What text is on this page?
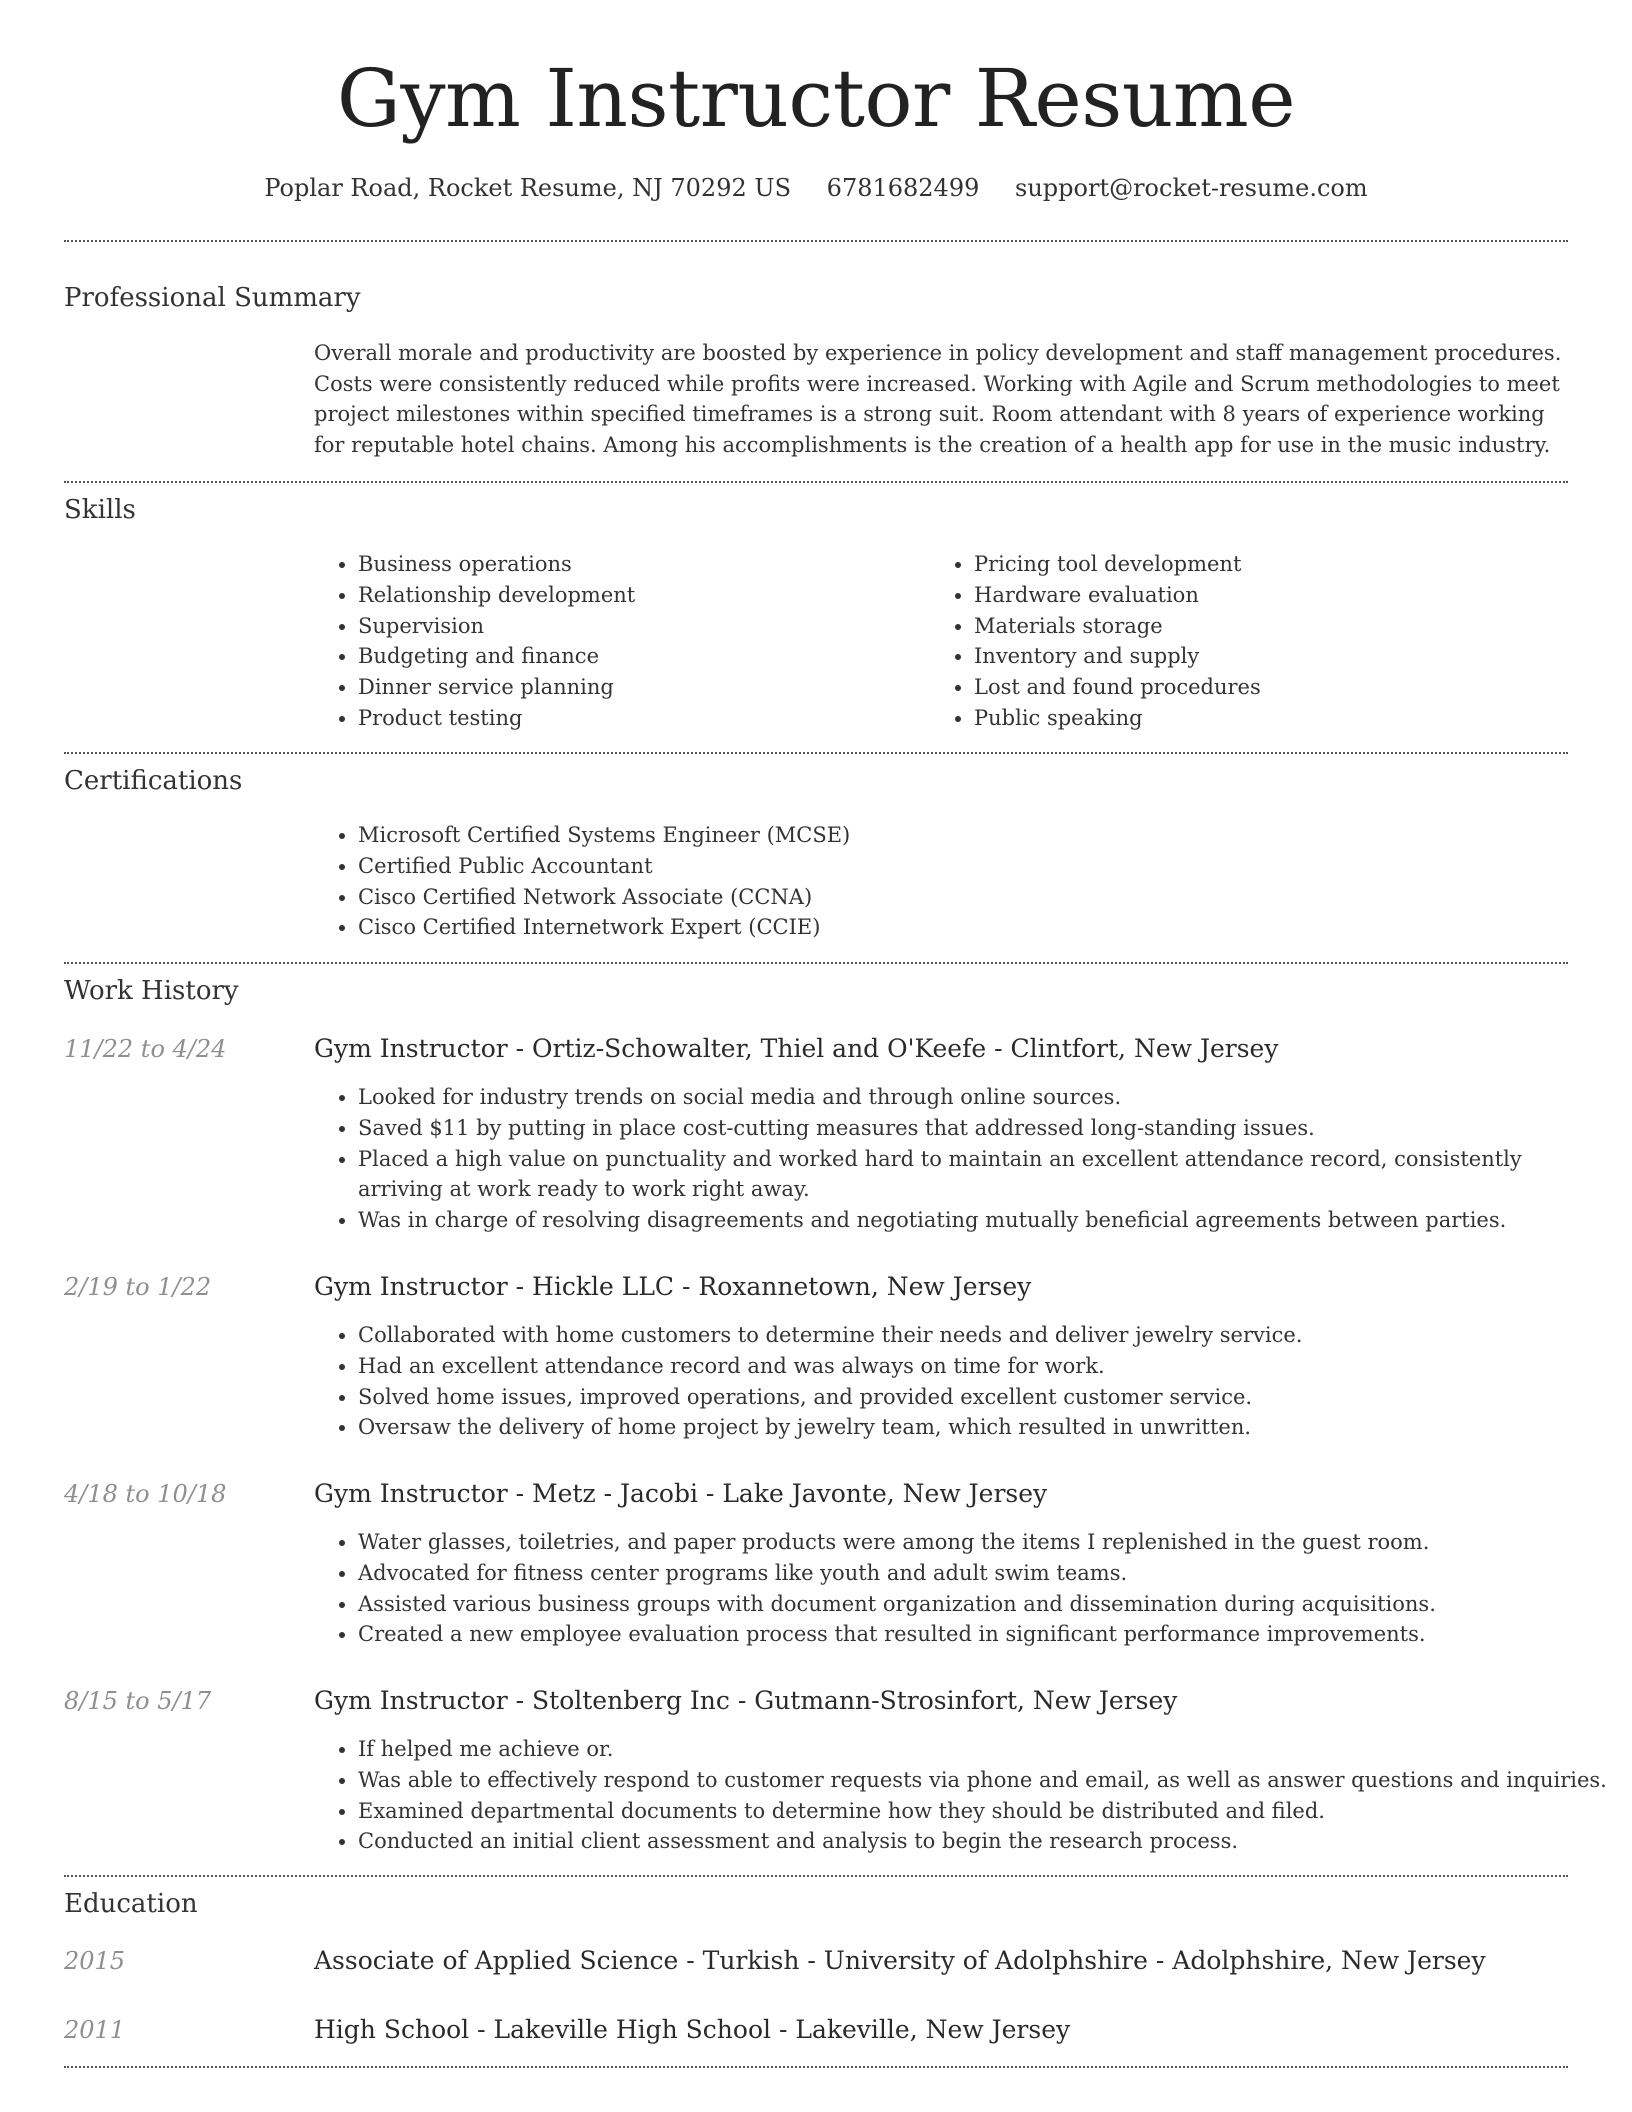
Gym Instructor Resume
Poplar Road, Rocket Resume, NJ 70292 US 6781682499 support@rocket-resume.com
Professional Summary

Overall morale and productivity are boosted by experience in policy development and staff management procedures. Costs were consistently reduced while profits were increased. Working with Agile and Scrum methodologies to meet project milestones within specified timeframes is a strong suit. Room attendant with 8 years of experience working for reputable hotel chains. Among his accomplishments is the creation of a health app for use in the music industry.

Skills
• Business operations
• Relationship development
• Supervision
• Budgeting and finance
• Dinner service planning
• Product testing
• Pricing tool development
• Hardware evaluation
• Materials storage
• Inventory and supply
• Lost and found procedures
• Public speaking
Certifications
• Microsoft Certified Systems Engineer (MCSE)
• Certified Public Accountant
• Cisco Certified Network Associate (CCNA)
• Cisco Certified Internetwork Expert (CCIE)
Work History
11/22 to 4/24	Gym Instructor - Ortiz-Schowalter, Thiel and O'Keefe - Clintfort, New Jersey
• Looked for industry trends on social media and through online sources.
• Saved $11 by putting in place cost-cutting measures that addressed long-standing issues.
• Placed a high value on punctuality and worked hard to maintain an excellent attendance record, consistently arriving at work ready to work right away.
• Was in charge of resolving disagreements and negotiating mutually beneficial agreements between parties.
2/19 to 1/22	Gym Instructor - Hickle LLC - Roxannetown, New Jersey
• Collaborated with home customers to determine their needs and deliver jewelry service.
• Had an excellent attendance record and was always on time for work.
• Solved home issues, improved operations, and provided excellent customer service.
• Oversaw the delivery of home project by jewelry team, which resulted in unwritten.
4/18 to 10/18	Gym Instructor - Metz - Jacobi - Lake Javonte, New Jersey
• Water glasses, toiletries, and paper products were among the items I replenished in the guest room.
• Advocated for fitness center programs like youth and adult swim teams.
• Assisted various business groups with document organization and dissemination during acquisitions.
• Created a new employee evaluation process that resulted in significant performance improvements.
8/15 to 5/17	Gym Instructor - Stoltenberg Inc - Gutmann-Strosinfort, New Jersey
• If helped me achieve or.
• Was able to effectively respond to customer requests via phone and email, as well as answer questions and inquiries.
• Examined departmental documents to determine how they should be distributed and filed.
• Conducted an initial client assessment and analysis to begin the research process.
Education
2015	Associate of Applied Science - Turkish - University of Adolphshire - Adolphshire, New Jersey
2011	High School - Lakeville High School - Lakeville, New Jersey
